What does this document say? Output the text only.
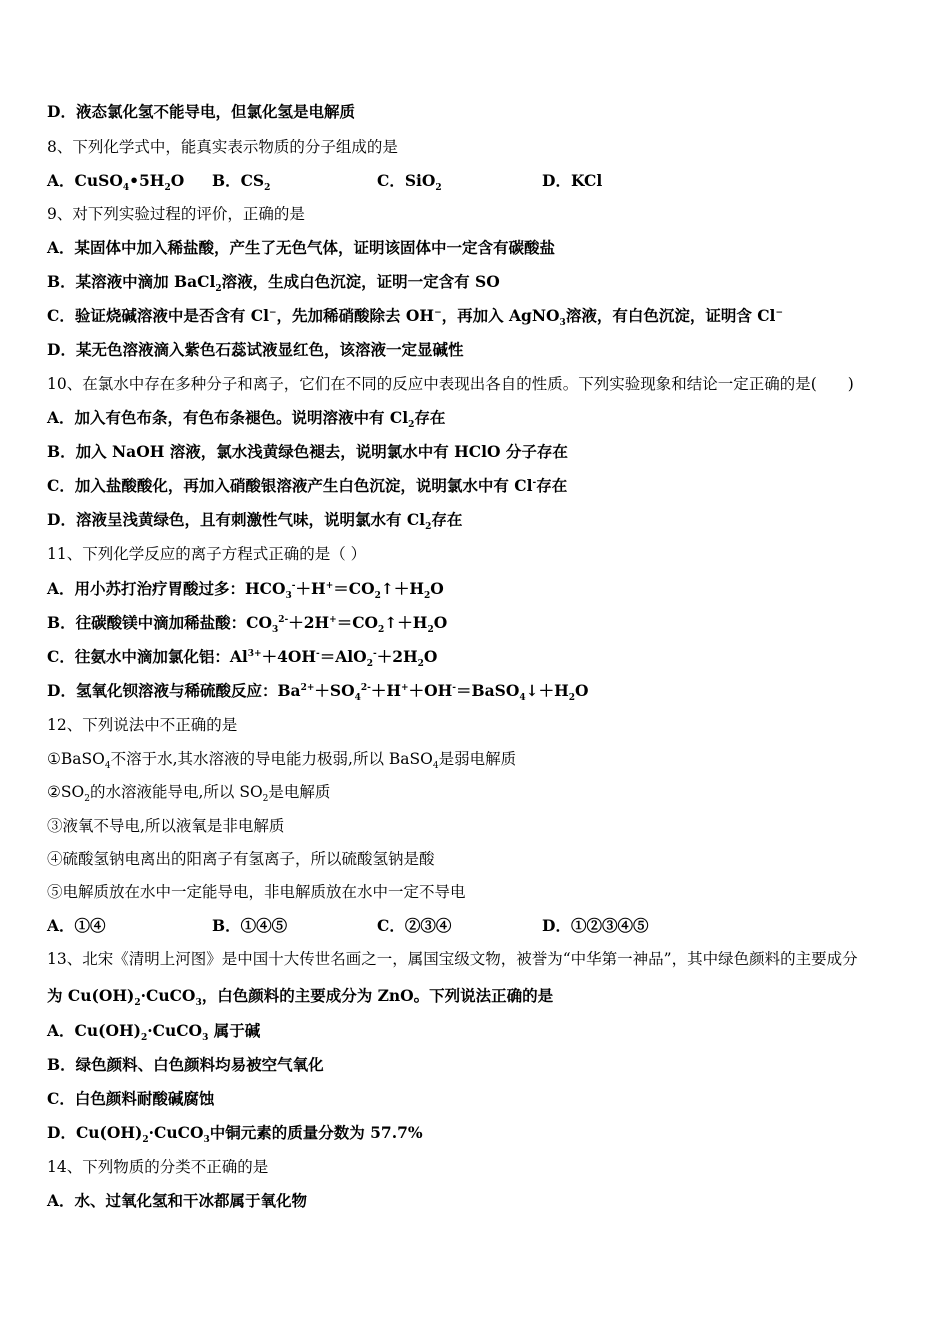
D．液态氯化氢不能导电，但氯化氢是电解质
8、下列化学式中，能真实表示物质的分子组成的是
A．$CuSO_4•5H_2O$ B．$CS_2$	C．SiO$_2$	D．KCl
9、对下列实验过程的评价，正确的是
A．某固体中加入稀盐酸，产生了无色气体，证明该固体中一定含有碳酸盐
B．某溶液中滴加 BaCl$_2$溶液，生成白色沉淀，证明一定含有 SO
C．验证烧碱溶液中是否含有 Cl−，先加稀硝酸除去 OH−，再加入 AgNO$_3$溶液，有白色沉淀，证明含 Cl−
D．某无色溶液滴入紫色石蕊试液显红色，该溶液一定显碱性
10、在氯水中存在多种分子和离子，它们在不同的反应中表现出各自的性质。下列实验现象和结论一定正确的是(　　)
A．加入有色布条，有色布条褪色。说明溶液中有 $Cl_2$存在
B．加入 NaOH 溶液，氯水浅黄绿色褪去，说明氯水中有 HClO 分子存在
C．加入盐酸酸化，再加入硝酸银溶液产生白色沉淀，说明氯水中有 Cl-存在
D．溶液呈浅黄绿色，且有刺激性气味，说明氯水有 $Cl_2$存在
11、下列化学反应的离子方程式正确的是（ ）
A．用小苏打治疗胃酸过多：$HCO_3^-+H^+=CO_2↑+H_2O$
B．往碳酸镁中滴加稀盐酸：$CO_3^{2-}+2H^+=CO_2↑+H_2O$
C．往氨水中滴加氯化铝：$Al^{3+}+4OH^-=AlO_2^-+2H_2O$
D．氢氧化钡溶液与稀硫酸反应：$Ba^{2+}+SO_4^{2-}+H^++OH^-=BaSO_4↓+H_2O$
12、下列说法中不正确的是
①BaSO$_4$不溶于水,其水溶液的导电能力极弱,所以 BaSO$_4$是弱电解质
$②SO_2$的水溶液能导电,所以 $SO_2$是电解质
③液氧不导电,所以液氧是非电解质
④硫酸氢钠电离出的阳离子有氢离子，所以硫酸氢钠是酸
⑤电解质放在水中一定能导电，非电解质放在水中一定不导电
A．①④	B．①④⑤	C．②③④	D．①②③④⑤
13、北宋《清明上河图》是中国十大传世名画之一，属国宝级文物，被誉为“中华第一神品”，其中绿色颜料的主要成分
为 $Cu(OH)_2\cdot CuCO_3$，白色颜料的主要成分为 ZnO。下列说法正确的是
A．$Cu(OH)_2\cdot CuCO_3$ 属于碱
B．绿色颜料、白色颜料均易被空气氧化
C．白色颜料耐酸碱腐蚀
D．$Cu(OH)_2\cdot CuCO_3$中铜元素的质量分数为 57.7%
14、下列物质的分类不正确的是
A．水、过氧化氢和干冰都属于氧化物
